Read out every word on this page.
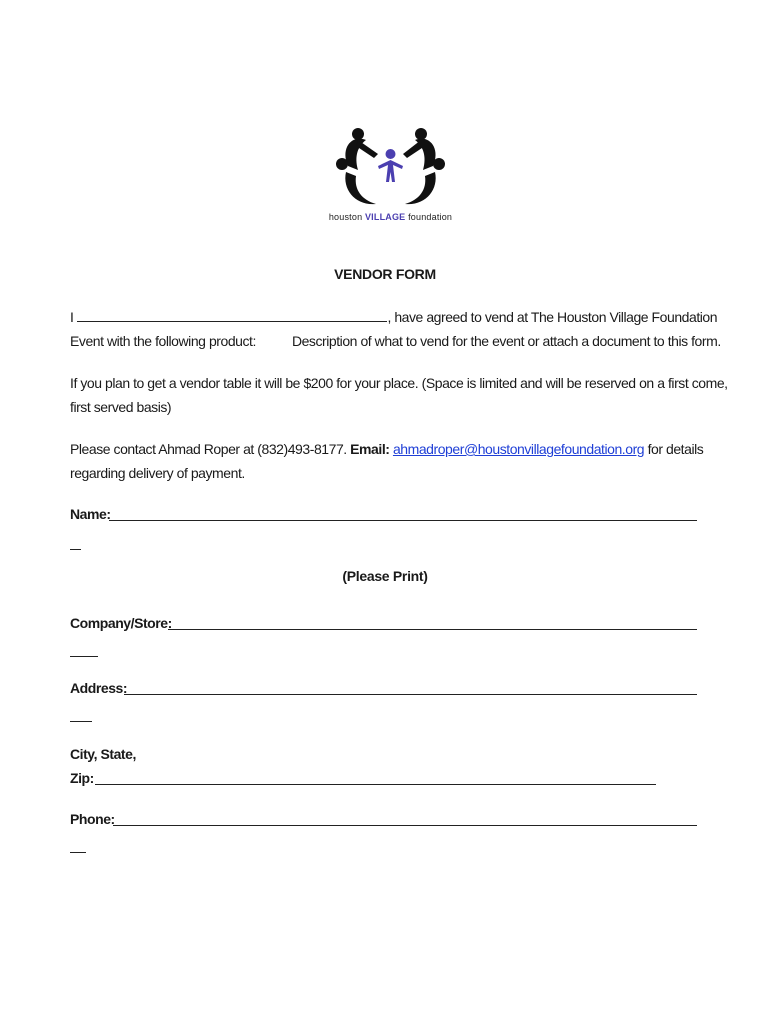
houston VILLAGE foundation
VENDOR FORM
I	, have agreed to vend at The Houston Village Foundation
Event with the following product:	Description of what to vend for the event or attach a document to this form.
If you plan to get a vendor table it will be $200 for your place. (Space is limited and will be reserved on a first come,
first served basis)
Please contact Ahmad Roper at (832)493-8177. Email: ahmadroper@houstonvillagefoundation.org for details
regarding delivery of payment.
Name:
(Please Print)
Company/Store:
Address:
City, State,
Zip:
Phone:
